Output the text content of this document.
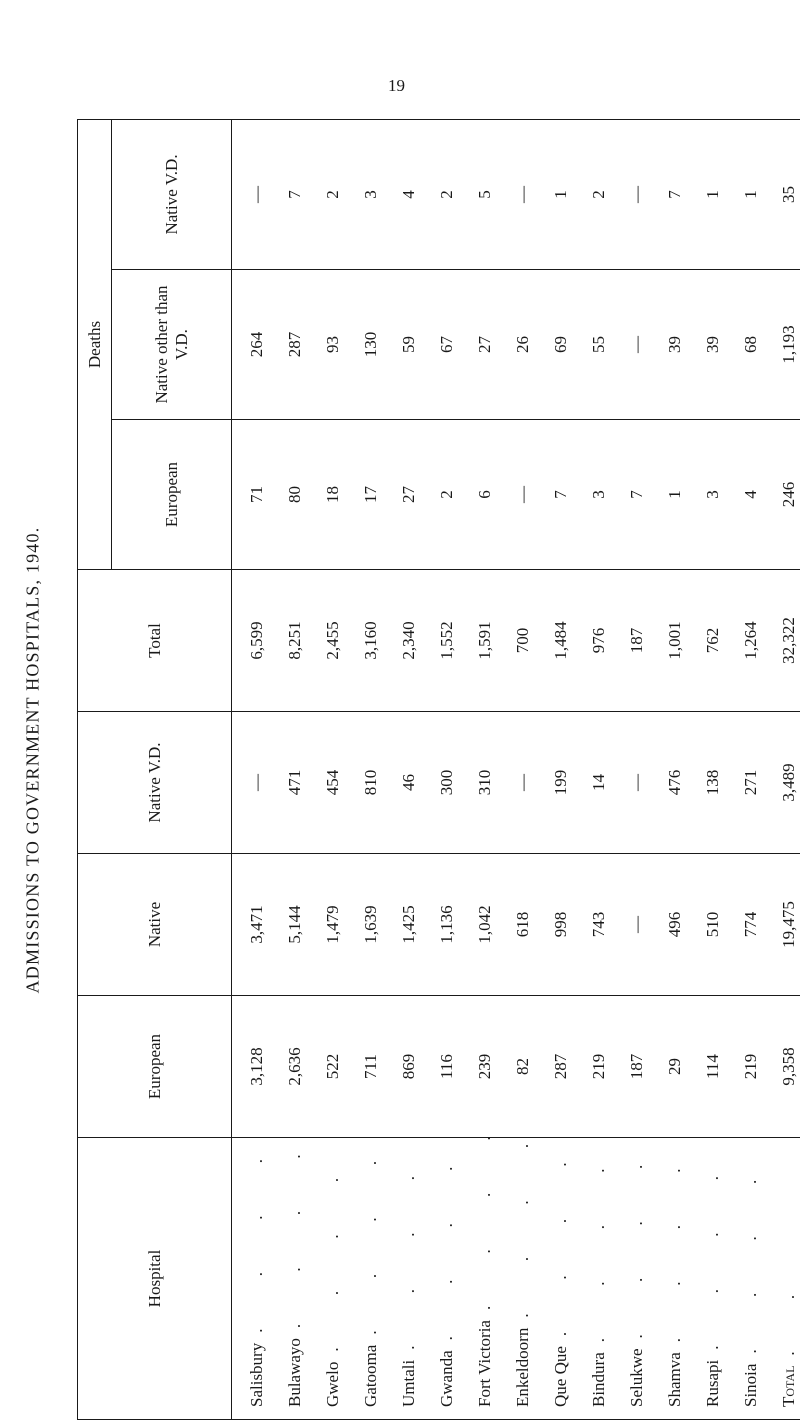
19
ADMISSIONS TO GOVERNMENT HOSPITALS, 1940.
Hospital	European	Native	Native V.D.	Total	Deaths		
					European	Native other than V.D.	Native V.D.
Salisbury. . . .	3,128	3,471	—	6,599	71	264	—
Bulawayo. . . .	2,636	5,144	471	8,251	80	287	7
Gwelo. . . .	522	1,479	454	2,455	18	93	2
Gatooma. . . .	711	1,639	810	3,160	17	130	3
Umtali. . . .	869	1,425	46	2,340	27	59	4
Gwanda. . . .	116	1,136	300	1,552	2	67	2
Fort Victoria. . . .	239	1,042	310	1,591	6	27	5
Enkeldoorn. . . .	82	618	—	700	—	26	—
Que Que. . . .	287	998	199	1,484	7	69	1
Bindura. . . .	219	743	14	976	3	55	2
Selukwe. . . .	187	—	—	187	7	—	—
Shamva. . . .	29	496	476	1,001	1	39	7
Rusapi. . . .	114	510	138	762	3	39	1
Sinoia. . . .	219	774	271	1,264	4	68	1
Total. .	9,358	19,475	3,489	32,322	246	1,193	35
